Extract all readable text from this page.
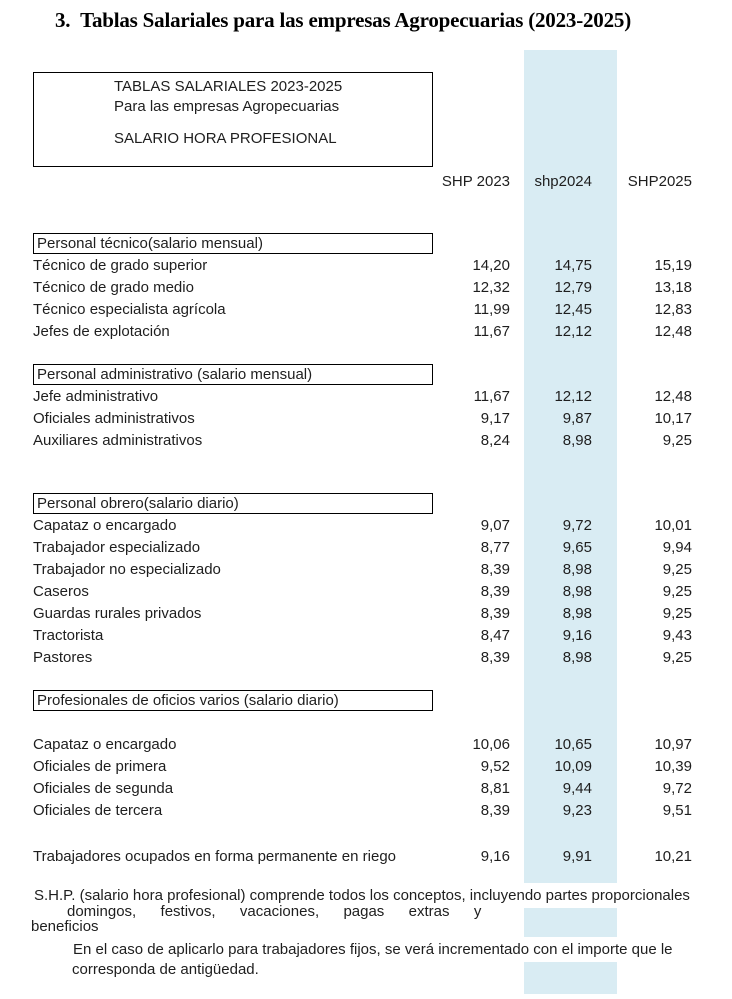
3.  Tablas Salariales para las empresas Agropecuarias (2023-2025)
TABLAS SALARIALES 2023-2025
Para las empresas Agropecuarias
SALARIO HORA PROFESIONAL
SHP 2023	shp2024	SHP2025
Personal técnico(salario mensual)
Técnico de grado superior	14,20	14,75	15,19
Técnico de grado medio	12,32	12,79	13,18
Técnico especialista agrícola	11,99	12,45	12,83
Jefes de explotación	11,67	12,12	12,48
Personal administrativo (salario mensual)
Jefe administrativo	11,67	12,12	12,48
Oficiales administrativos	9,17	9,87	10,17
Auxiliares administrativos	8,24	8,98	9,25
Personal obrero(salario diario)
Capataz o encargado	9,07	9,72	10,01
Trabajador especializado	8,77	9,65	9,94
Trabajador no especializado	8,39	8,98	9,25
Caseros	8,39	8,98	9,25
Guardas rurales privados	8,39	8,98	9,25
Tractorista	8,47	9,16	9,43
Pastores	8,39	8,98	9,25
Profesionales de oficios varios (salario diario)
Capataz o encargado	10,06	10,65	10,97
Oficiales de primera	9,52	10,09	10,39
Oficiales de segunda	8,81	9,44	9,72
Oficiales de tercera	8,39	9,23	9,51
Trabajadores ocupados en forma permanente en riego	9,16	9,91	10,21
S.H.P. (salario hora profesional) comprende todos los conceptos, incluyendo partes proporcionales
domingos,  festivos,  vacaciones,  pagas  extras  y
beneficios
En el caso de aplicarlo para trabajadores fijos, se verá incrementado con el importe que le
corresponda de antigüedad.
